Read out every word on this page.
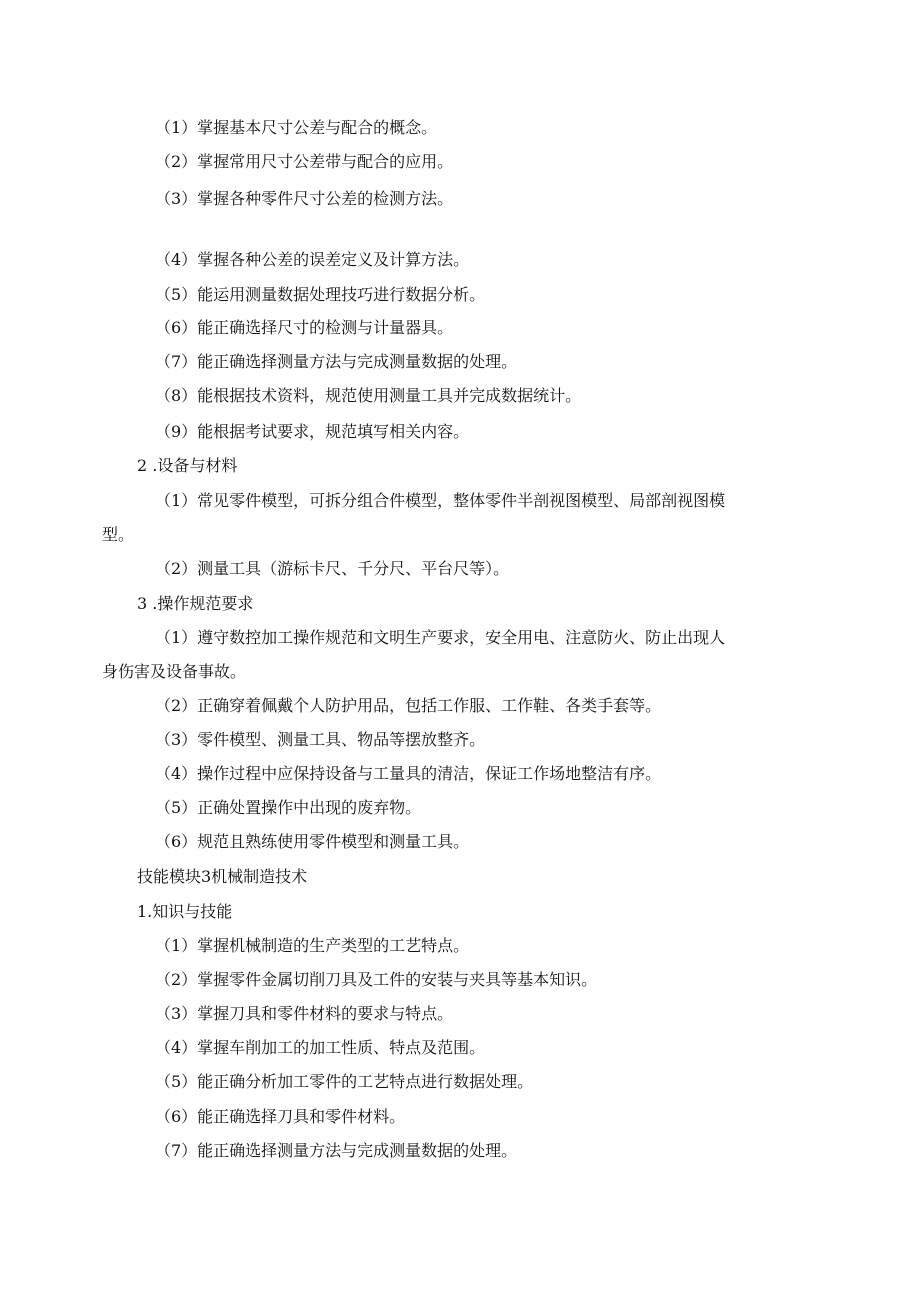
（1）掌握基本尺寸公差与配合的概念。
（2）掌握常用尺寸公差带与配合的应用。
（3）掌握各种零件尺寸公差的检测方法。
（4）掌握各种公差的误差定义及计算方法。
（5）能运用测量数据处理技巧进行数据分析。
（6）能正确选择尺寸的检测与计量器具。
（7）能正确选择测量方法与完成测量数据的处理。
（8）能根据技术资料，规范使用测量工具并完成数据统计。
（9）能根据考试要求，规范填写相关内容。
2 .设备与材料
（1）常见零件模型，可拆分组合件模型，整体零件半剖视图模型、局部剖视图模
型。
（2）测量工具（游标卡尺、千分尺、平台尺等）。
3 .操作规范要求
（1）遵守数控加工操作规范和文明生产要求，安全用电、注意防火、防止出现人
身伤害及设备事故。
（2）正确穿着佩戴个人防护用品，包括工作服、工作鞋、各类手套等。
（3）零件模型、测量工具、物品等摆放整齐。
（4）操作过程中应保持设备与工量具的清洁，保证工作场地整洁有序。
（5）正确处置操作中出现的废弃物。
（6）规范且熟练使用零件模型和测量工具。
技能模块3机械制造技术
1.知识与技能
（1）掌握机械制造的生产类型的工艺特点。
（2）掌握零件金属切削刀具及工件的安装与夹具等基本知识。
（3）掌握刀具和零件材料的要求与特点。
（4）掌握车削加工的加工性质、特点及范围。
（5）能正确分析加工零件的工艺特点进行数据处理。
（6）能正确选择刀具和零件材料。
（7）能正确选择测量方法与完成测量数据的处理。
